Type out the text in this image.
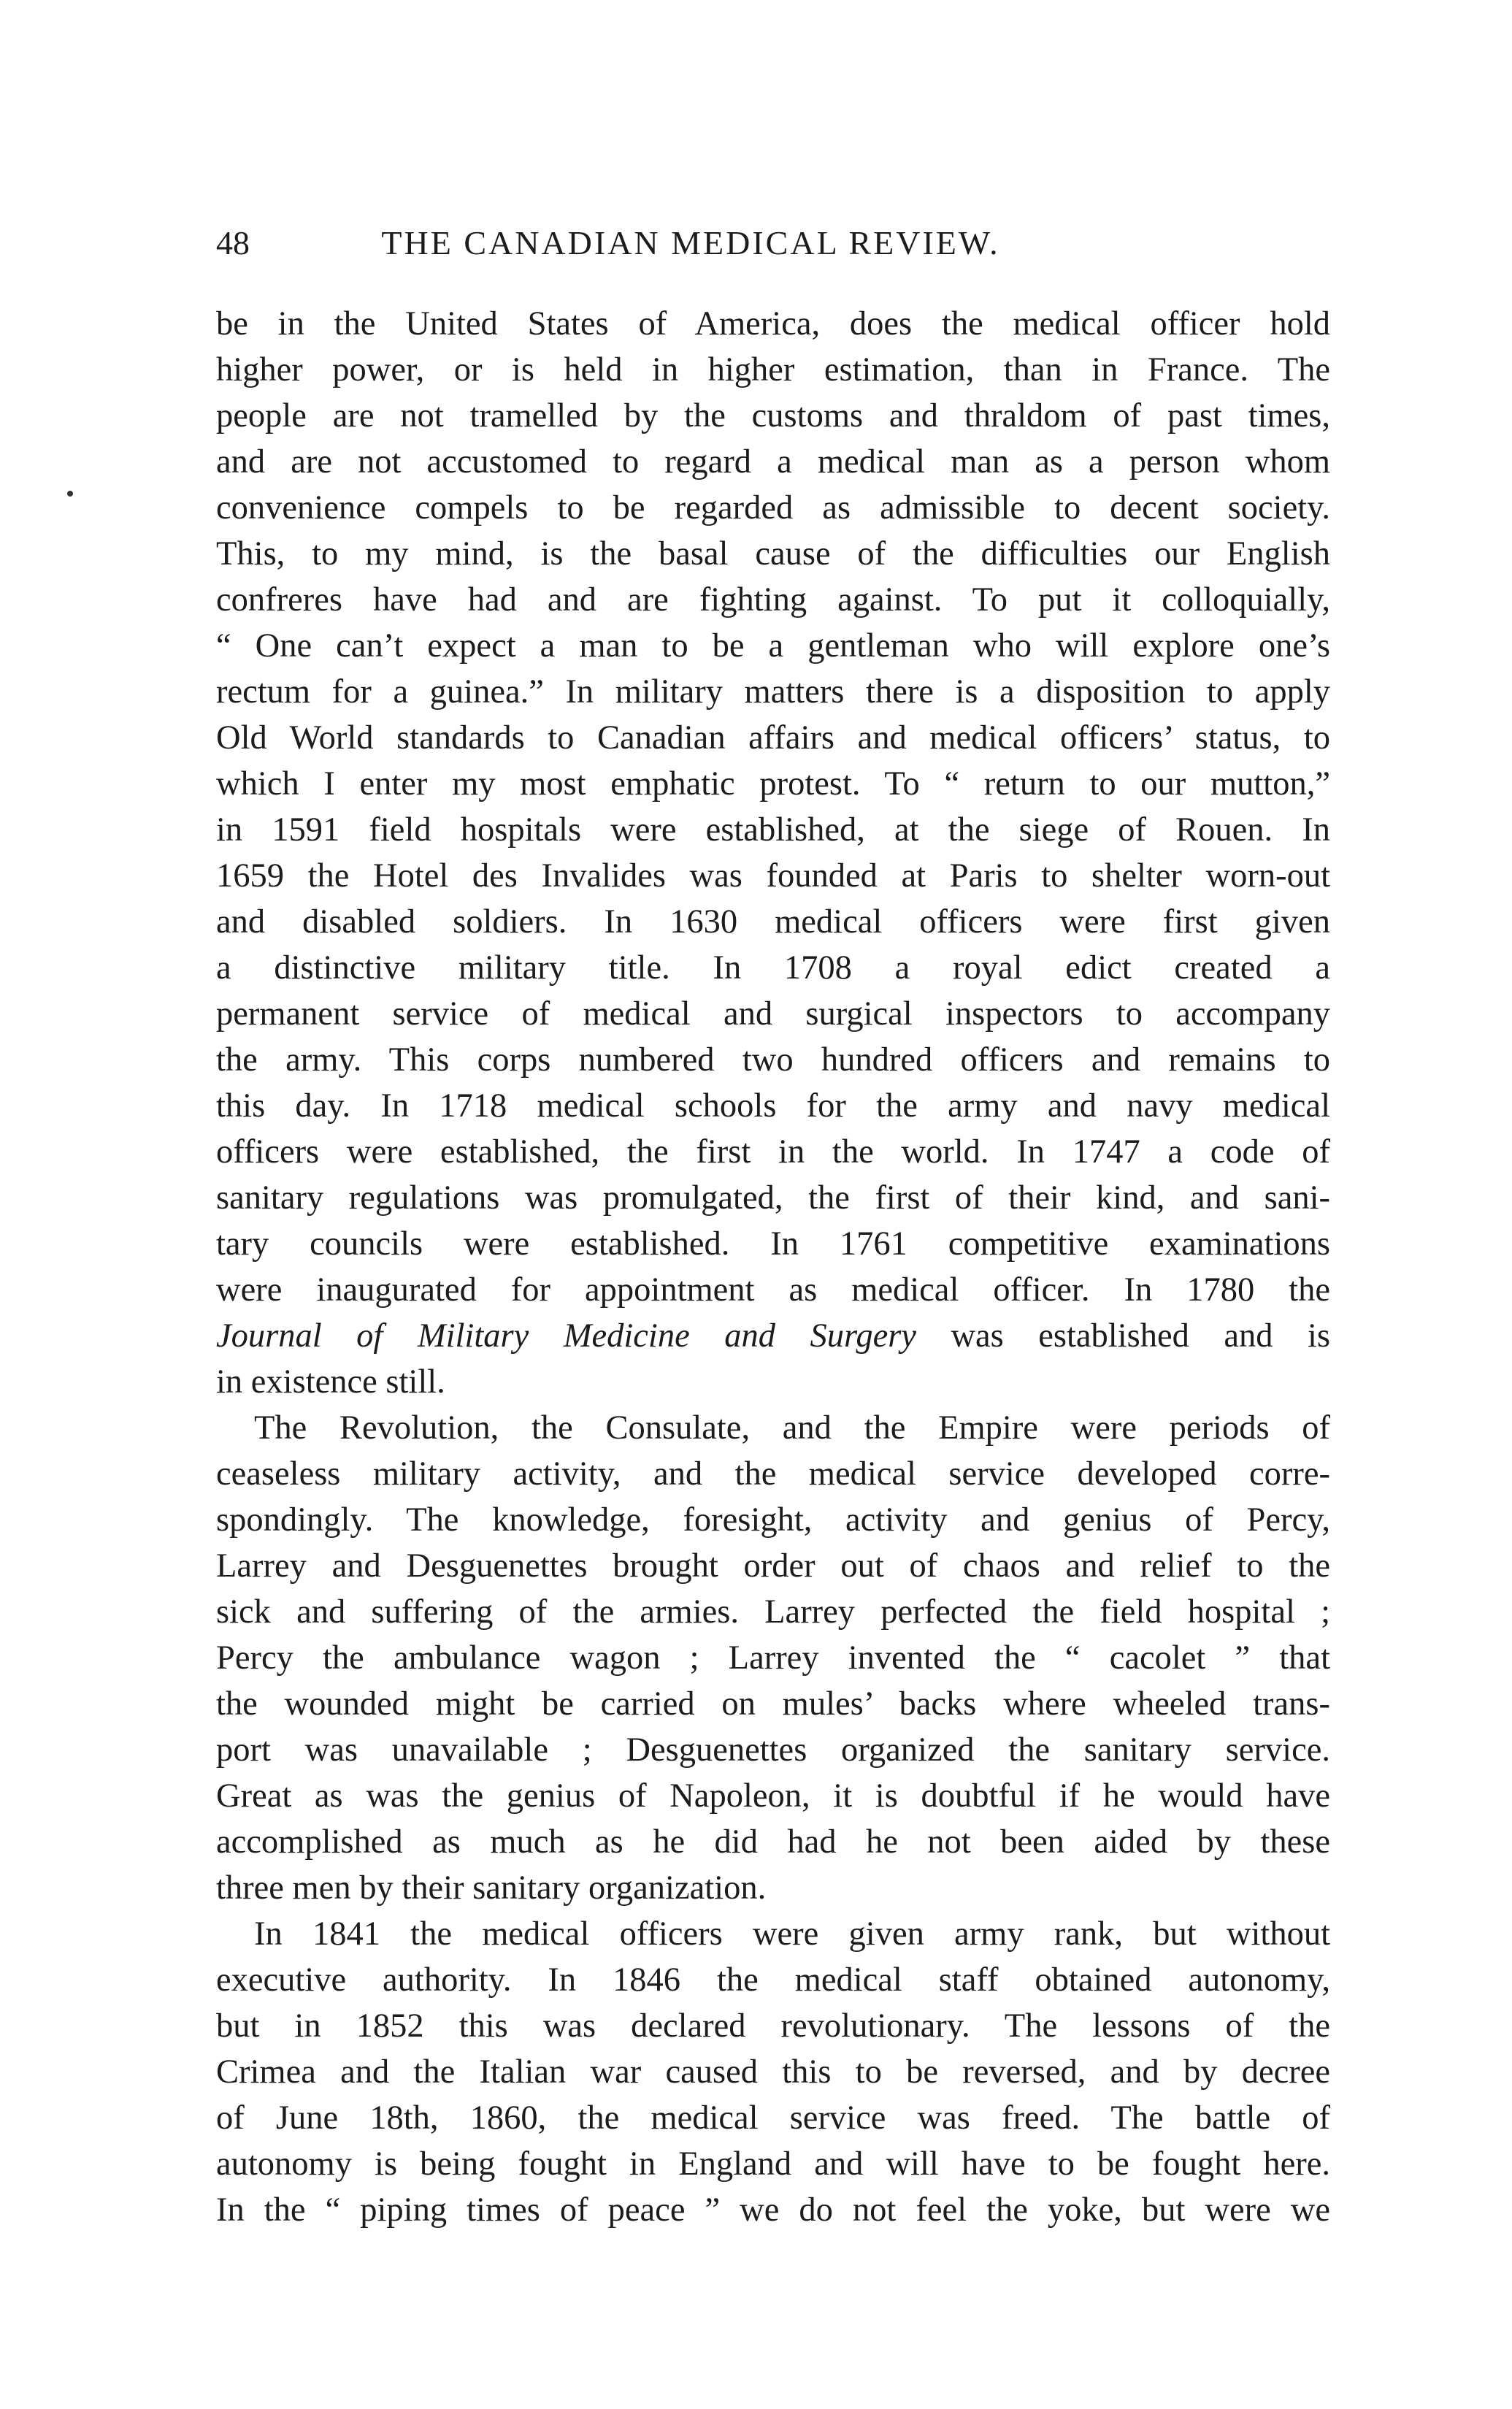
48	THE CANADIAN MEDICAL REVIEW.
be in the United States of America, does the medical officer hold
higher power, or is held in higher estimation, than in France. The
people are not tramelled by the customs and thraldom of past times,
and are not accustomed to regard a medical man as a person whom
convenience compels to be regarded as admissible to decent society.
This, to my mind, is the basal cause of the difficulties our English
confreres have had and are fighting against. To put it colloquially,
“ One can’t expect a man to be a gentleman who will explore one’s
rectum for a guinea.” In military matters there is a disposition to apply
Old World standards to Canadian affairs and medical officers’ status, to
which I enter my most emphatic protest. To “ return to our mutton,”
in 1591 field hospitals were established, at the siege of Rouen. In
1659 the Hotel des Invalides was founded at Paris to shelter worn-out
and disabled soldiers. In 1630 medical officers were first given
a distinctive military title. In 1708 a royal edict created a
permanent service of medical and surgical inspectors to accompany
the army. This corps numbered two hundred officers and remains to
this day. In 1718 medical schools for the army and navy medical
officers were established, the first in the world. In 1747 a code of
sanitary regulations was promulgated, the first of their kind, and sani-
tary councils were established. In 1761 competitive examinations
were inaugurated for appointment as medical officer. In 1780 the
Journal of Military Medicine and Surgery was established and is
in existence still.
The Revolution, the Consulate, and the Empire were periods of
ceaseless military activity, and the medical service developed corre-
spondingly. The knowledge, foresight, activity and genius of Percy,
Larrey and Desguenettes brought order out of chaos and relief to the
sick and suffering of the armies. Larrey perfected the field hospital ;
Percy the ambulance wagon ; Larrey invented the “ cacolet ” that
the wounded might be carried on mules’ backs where wheeled trans-
port was unavailable ; Desguenettes organized the sanitary service.
Great as was the genius of Napoleon, it is doubtful if he would have
accomplished as much as he did had he not been aided by these
three men by their sanitary organization.
In 1841 the medical officers were given army rank, but without
executive authority. In 1846 the medical staff obtained autonomy,
but in 1852 this was declared revolutionary. The lessons of the
Crimea and the Italian war caused this to be reversed, and by decree
of June 18th, 1860, the medical service was freed. The battle of
autonomy is being fought in England and will have to be fought here.
In the “ piping times of peace ” we do not feel the yoke, but were we
